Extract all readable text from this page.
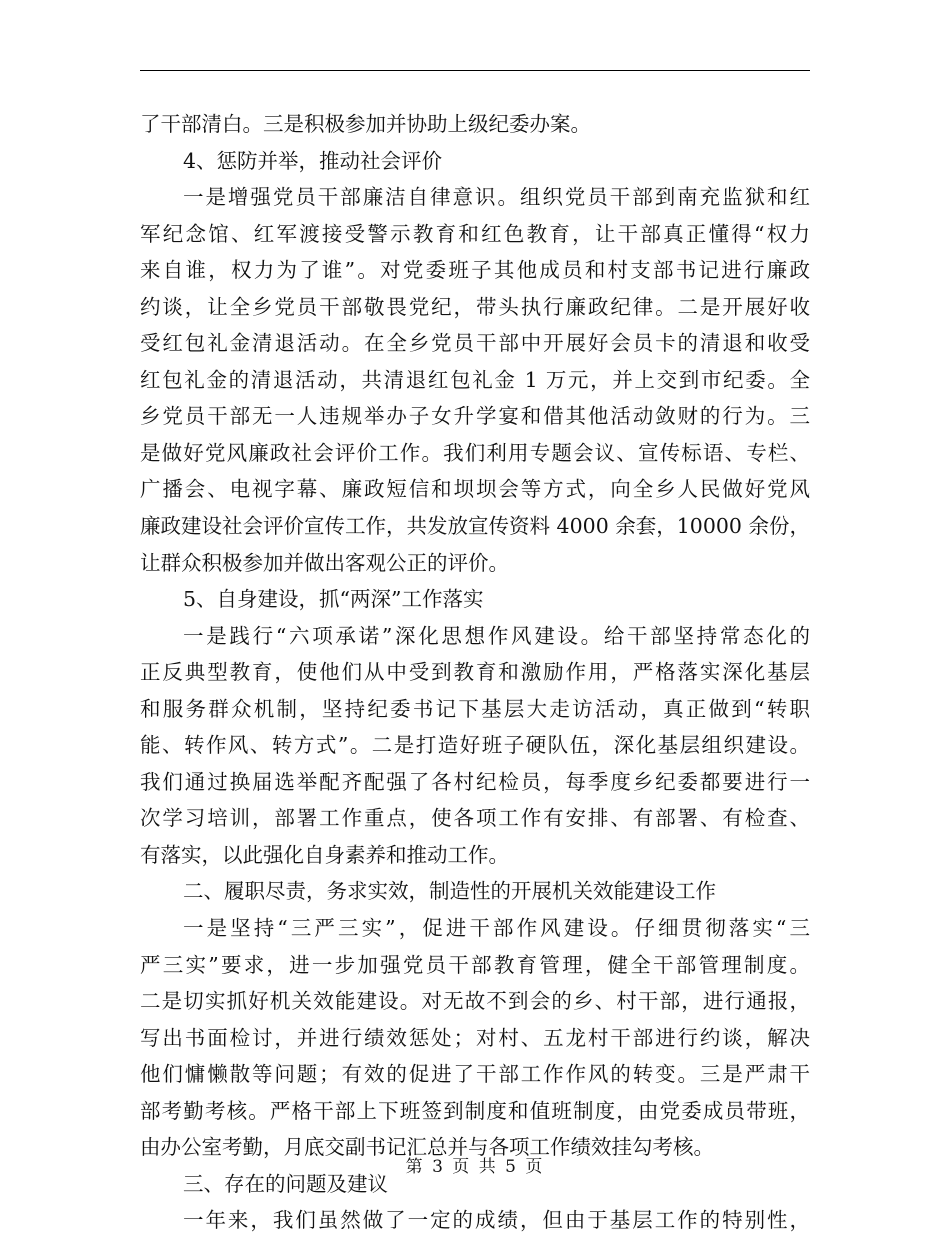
了干部清白。三是积极参加并协助上级纪委办案。
4、惩防并举，推动社会评价
一是增强党员干部廉洁自律意识。组织党员干部到南充监狱和红
军纪念馆、红军渡接受警示教育和红色教育，让干部真正懂得“权力
来自谁，权力为了谁”。对党委班子其他成员和村支部书记进行廉政
约谈，让全乡党员干部敬畏党纪，带头执行廉政纪律。二是开展好收
受红包礼金清退活动。在全乡党员干部中开展好会员卡的清退和收受
红包礼金的清退活动，共清退红包礼金 1 万元，并上交到市纪委。全
乡党员干部无一人违规举办子女升学宴和借其他活动敛财的行为。三
是做好党风廉政社会评价工作。我们利用专题会议、宣传标语、专栏、
广播会、电视字幕、廉政短信和坝坝会等方式，向全乡人民做好党风
廉政建设社会评价宣传工作，共发放宣传资料 4000 余套，10000 余份，
让群众积极参加并做出客观公正的评价。
5、自身建设，抓“两深”工作落实
一是践行“六项承诺”深化思想作风建设。给干部坚持常态化的
正反典型教育，使他们从中受到教育和激励作用，严格落实深化基层
和服务群众机制，坚持纪委书记下基层大走访活动，真正做到“转职
能、转作风、转方式”。二是打造好班子硬队伍，深化基层组织建设。
我们通过换届选举配齐配强了各村纪检员，每季度乡纪委都要进行一
次学习培训，部署工作重点，使各项工作有安排、有部署、有检查、
有落实，以此强化自身素养和推动工作。
二、履职尽责，务求实效，制造性的开展机关效能建设工作
一是坚持“三严三实”，促进干部作风建设。仔细贯彻落实“三
严三实”要求，进一步加强党员干部教育管理，健全干部管理制度。
二是切实抓好机关效能建设。对无故不到会的乡、村干部，进行通报，
写出书面检讨，并进行绩效惩处；对村、五龙村干部进行约谈，解决
他们慵懒散等问题；有效的促进了干部工作作风的转变。三是严肃干
部考勤考核。严格干部上下班签到制度和值班制度，由党委成员带班，
由办公室考勤，月底交副书记汇总并与各项工作绩效挂勾考核。
三、存在的问题及建议
一年来，我们虽然做了一定的成绩，但由于基层工作的特别性，
第 3 页 共 5 页
